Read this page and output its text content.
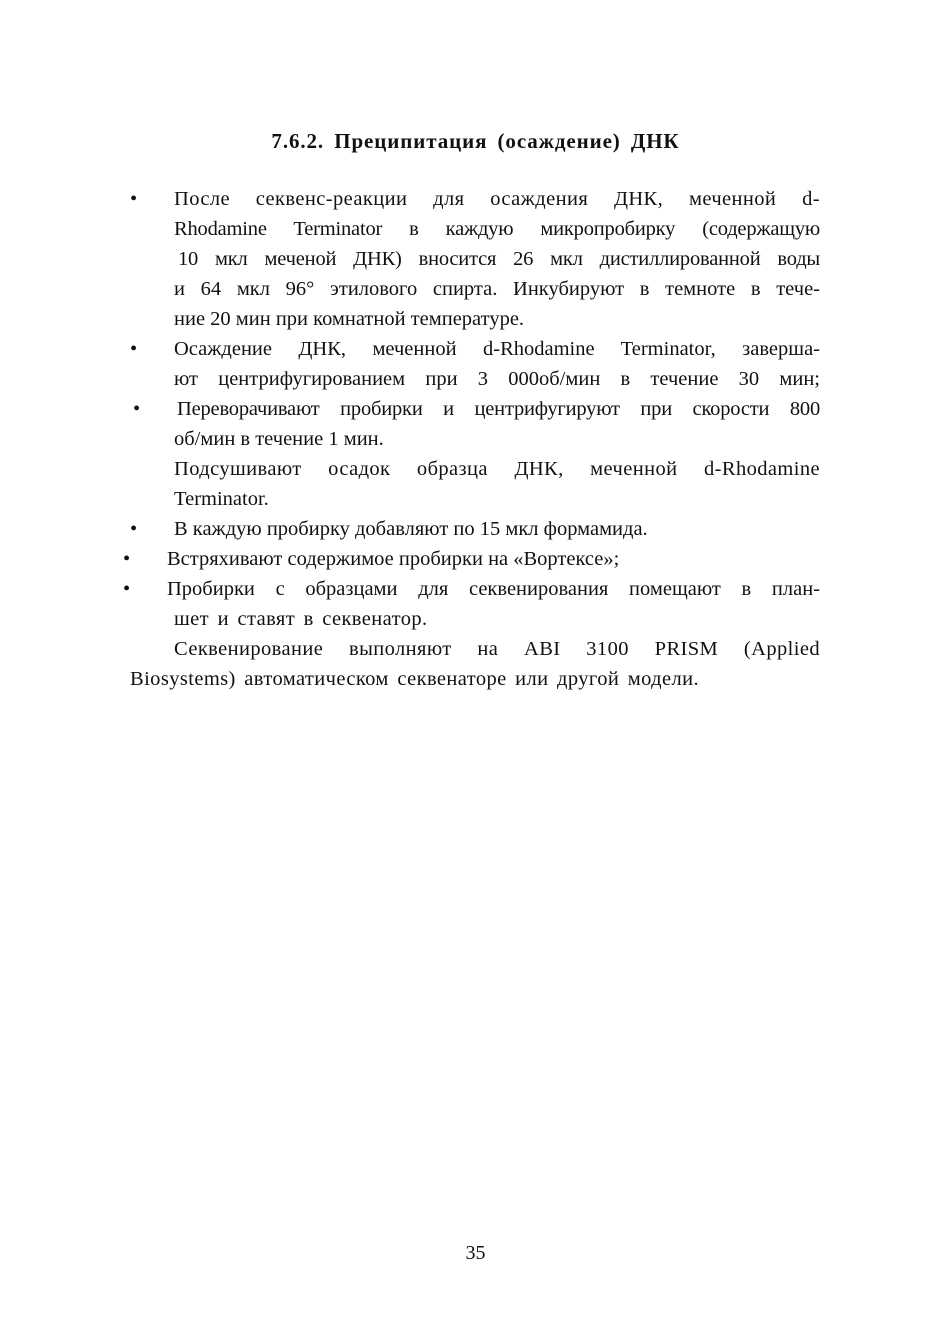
7.6.2. Преципитация (осаждение) ДНК
• После секвенс-реакции для осаждения ДНК, меченной d-
Rhodamine Terminator в каждую микропробирку (содержащую
10 мкл меченой ДНК) вносится 26 мкл дистиллированной воды
и 64 мкл 96° этилового спирта. Инкубируют в темноте в тече-
ние 20 мин при комнатной температуре.
• Осаждение ДНК, меченной d-Rhodamine Terminator, заверша-
ют центрифугированием при 3 000об/мин в течение 30 мин;
• Переворачивают пробирки и центрифугируют при скорости 800
об/мин в течение 1 мин.
Подсушивают осадок образца ДНК, меченной d-Rhodamine
Terminator.
• В каждую пробирку добавляют по 15 мкл формамида.
• Встряхивают содержимое пробирки на «Вортексе»;
• Пробирки с образцами для секвенирования помещают в план-
шет и ставят в секвенатор.
Секвенирование выполняют на ABI 3100 PRISM (Applied
Biosystems) автоматическом секвенаторе или другой модели.
35
